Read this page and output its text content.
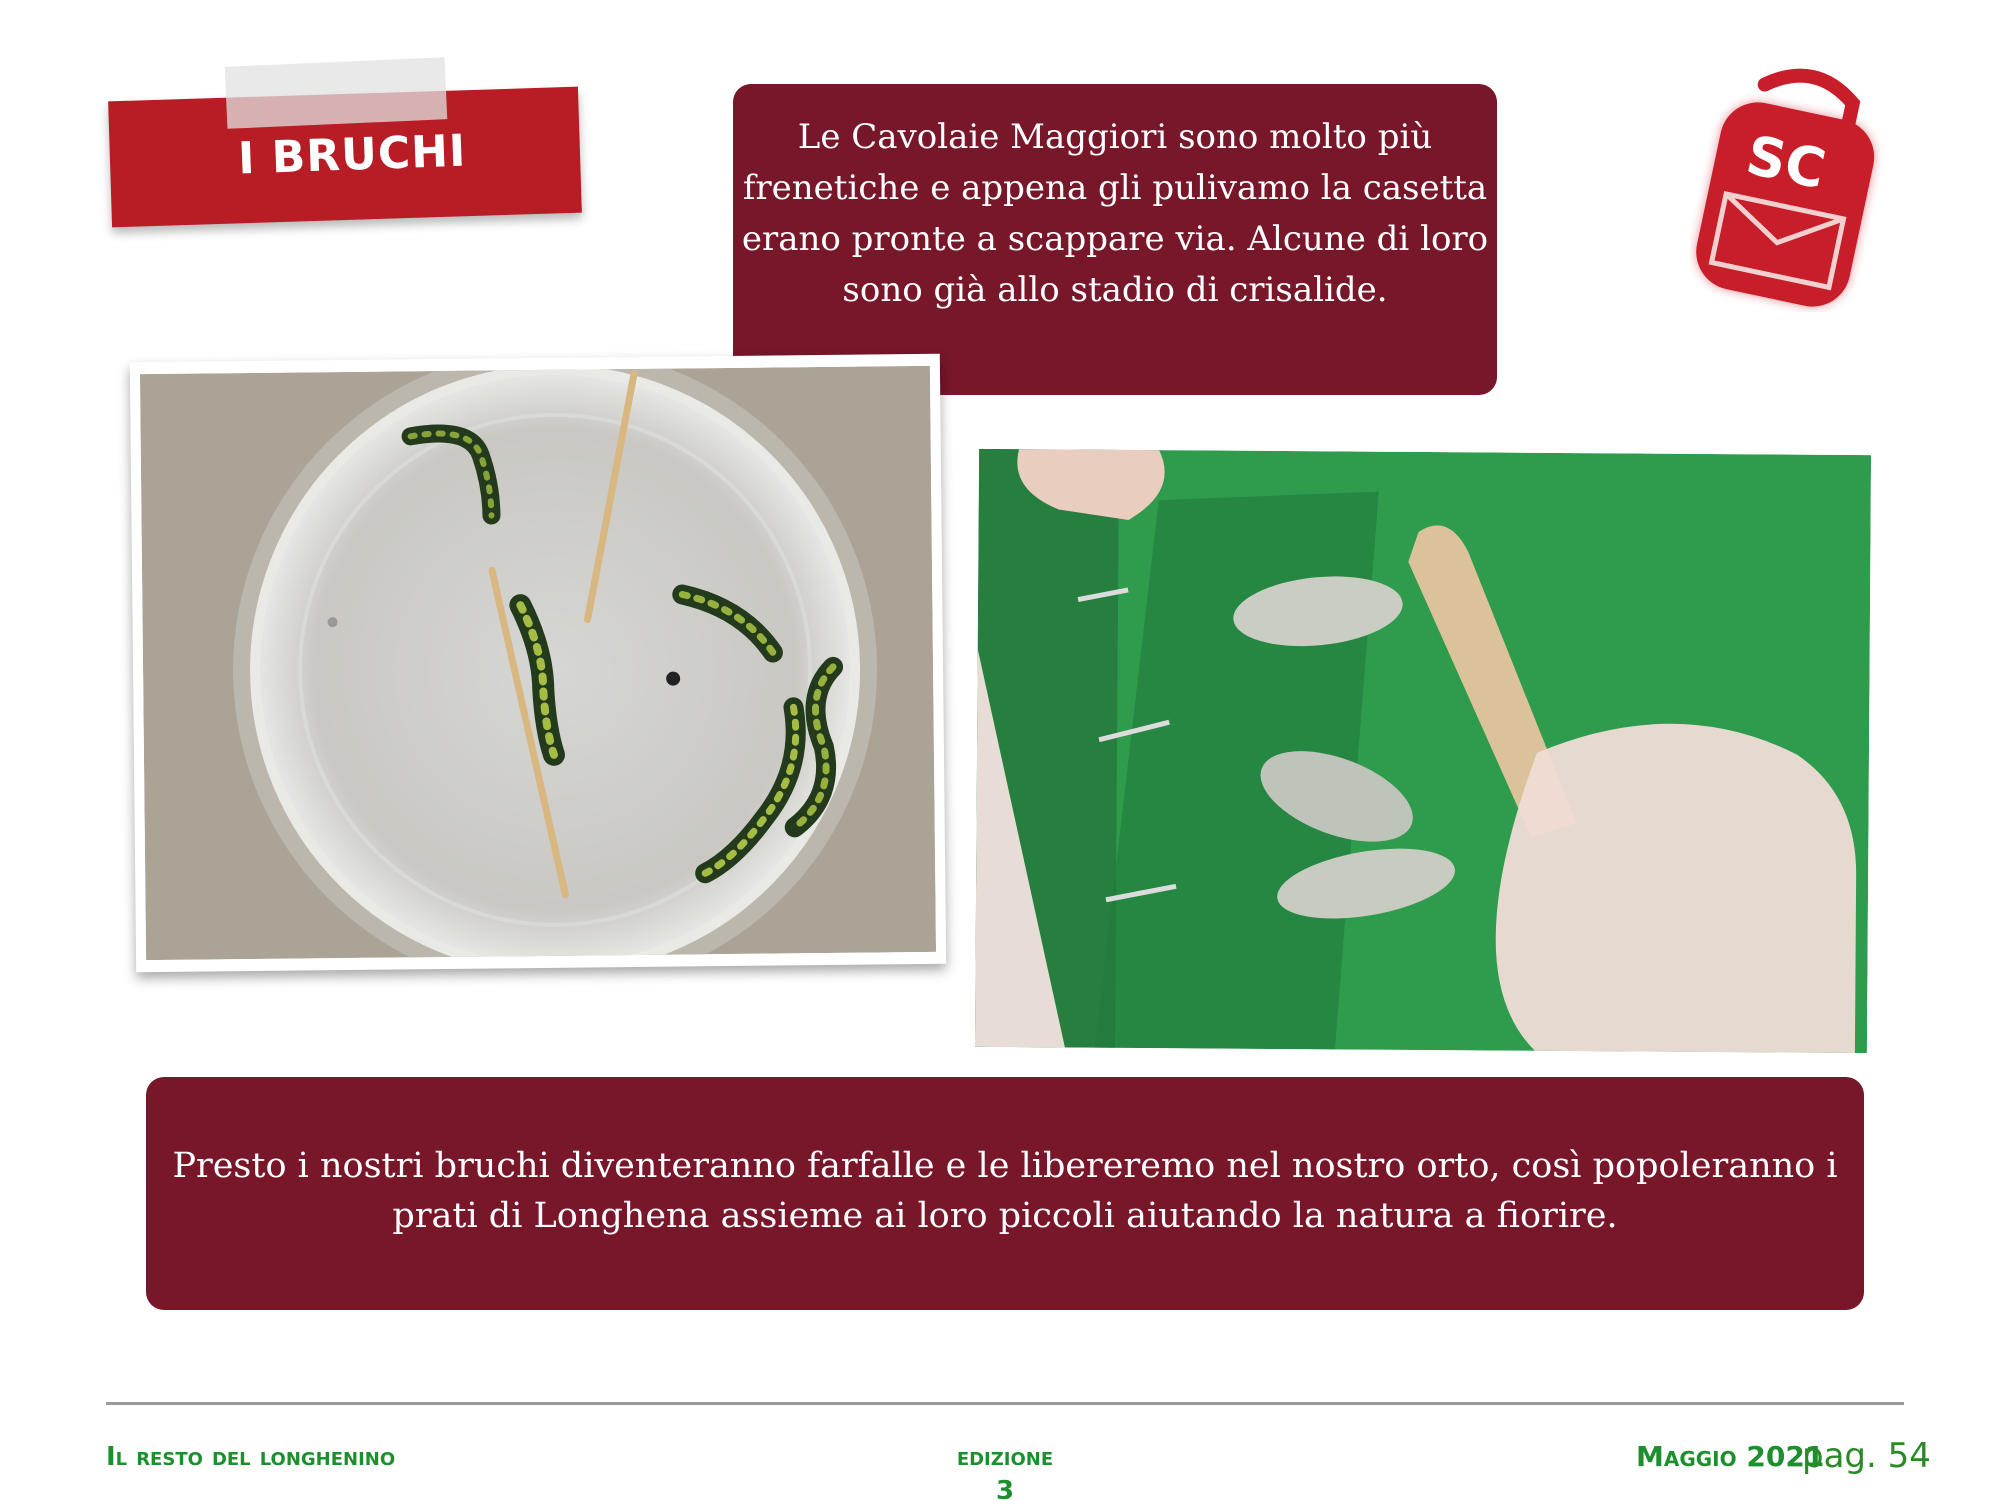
I BRUCHI	Le Cavolaie Maggiori sono molto più frenetiche e appena gli pulivamo la casetta erano pronte a scappare via. Alcune di loro sono già allo stadio di crisalide.
SC
Presto i nostri bruchi diventeranno farfalle e le libereremo nel nostro orto, così popoleranno i prati di Longhena assieme ai loro piccoli aiutando la natura a fiorire.
Il resto del longhenino	edizione 3
Maggio 2021
pag. 54
